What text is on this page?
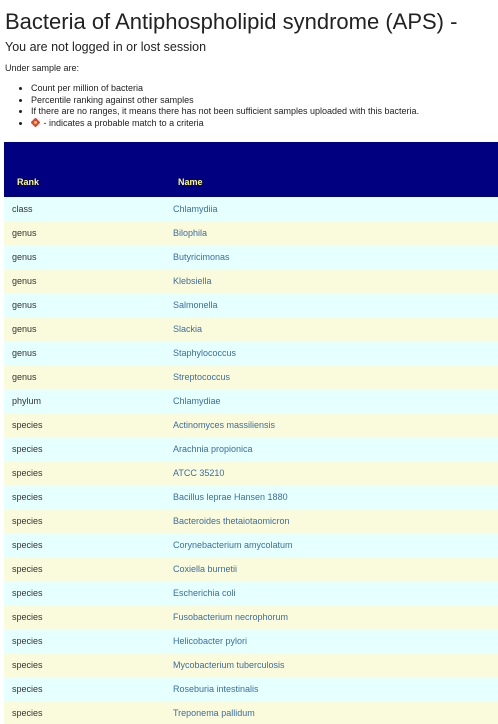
Bacteria of Antiphospholipid syndrome (APS) -
You are not logged in or lost session
Under sample are:
• Count per million of bacteria
• Percentile ranking against other samples
• If there are no ranges, it means there has not been sufficient samples uploaded with this bacteria.
• - indicates a probable match to a criteria
Rank	Name
class	Chlamydiia
genus	Bilophila
genus	Butyricimonas
genus	Klebsiella
genus	Salmonella
genus	Slackia
genus	Staphylococcus
genus	Streptococcus
phylum	Chlamydiae
species	Actinomyces massiliensis
species	Arachnia propionica
species	ATCC 35210
species	Bacillus leprae Hansen 1880
species	Bacteroides thetaiotaomicron
species	Corynebacterium amycolatum
species	Coxiella burnetii
species	Escherichia coli
species	Fusobacterium necrophorum
species	Helicobacter pylori
species	Mycobacterium tuberculosis
species	Roseburia intestinalis
species	Treponema pallidum
